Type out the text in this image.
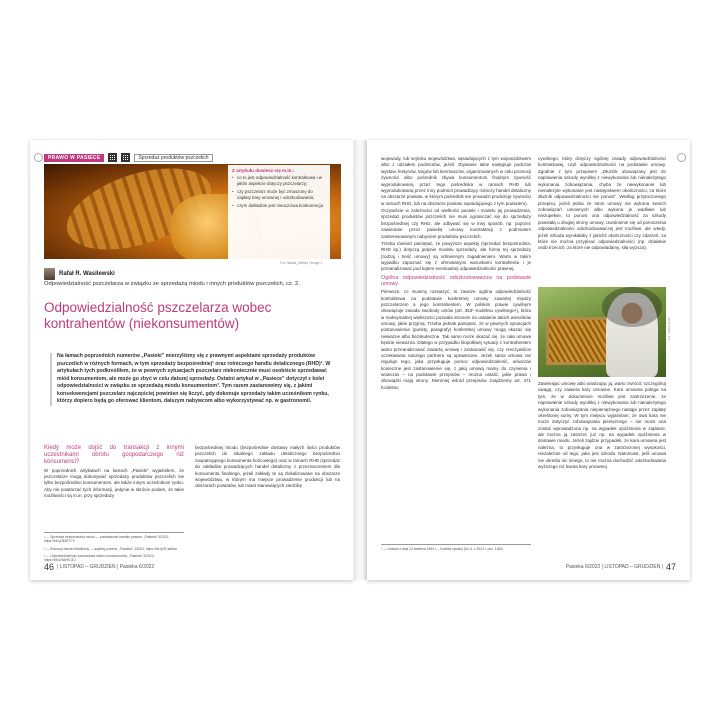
PRAWO W PASIECE	Sprzedaż produktów pszczelich
Z artykułu dowiesz się m.in.:
• co to jest odpowiedzialność kontraktowa i w jakim aspekcie dotyczy pszczelarzy;
• czy pszczelarz może być zmuszony do zapłaty kary umownej i odszkodowania;
• czym dokładnie jest nieuczciwa konkurencja.
Fot. Nataliá_Oleśko | Image 1
Rafał R. Wasilewski
Odpowiedzialność pszczelarza w związku ze sprzedażą miodu i innych produktów pszczelich, cz. 2.
Odpowiedzialność pszczelarza wobec kontrahentów (niekonsumentów)

Na łamach poprzednich numerów „Pasieki” mierzyliśmy się z prawnymi aspektami sprzedaży produktów pszczelich w różnych formach, w tym sprzedaży bezpośredniej¹ oraz rolniczego handlu detalicznego (RHD)². W artykułach tych podkreśliłem, że w pewnych sytuacjach pszczelarz niekoniecznie musi osobiście sprzedawać miód konsumentom, ale może go zbyć w celu dalszej sprzedaży. Ostatni artykuł w „Pasiece” dotyczył z kolei odpowiedzialności w związku ze sprzedażą miodu konsumentom³. Tym razem zastanowimy się, z jakimi konsekwencjami pszczelarz najczęściej powinien się liczyć, gdy dokonuje sprzedaży takim ucześnikom rynku, którzy dopiero będą go oferować klientom, dalszym nabywcom albo wykorzystywać np. w gastronomii.

Kiedy może dojść do transakcji z innymi uczestnikami obrotu gospodarczego niż konsumenci?

W poprzednich artykułach na łamach „Pasieki” wyjaśniłem, że pszczelarze mogą dokonywać sprzedaży produktów pszczelich nie tylko bezpośrednio konsumentom, ale także innym ucześnikom rynku. Aby nie powtarzać tych informacji, jedynie w skrócie podam, że takie możliwości są m.in. przy sprzedaży

bezpośredniej miodu (bezpośrednie dostawy małych ilości produktów pszczelich do lokalnego zakładu detalicznego bezpośrednio zaopatrującego konsumenta końcowego) oraz w ramach RHD (sprzedaż do zakładów prowadzących handel detaliczny z przeznaczeniem dla konsumenta finalnego, jeżeli zakłady te są zlokalizowane na obszarze województwa, w którym ma miejsce prowadzenie produkcji lub na obszarach powiatów, lub miast stanowiących siedzibę

¹ — Sprzedaż bezpośrednia miodu — podstawowe kwestie prawne, „Pasieka” 6/2021; https://bit.ly/3fAPY70
² — Rolniczy handel detaliczny — aspekty prawne, „Pasieka” 2/2021; https://bit.ly/3Caddka
³ — Odpowiedzialność pszczelarza wobec konsumentów, „Pasieka” 5/2022; https://bit.ly/3dhKCEJ
46 | LISTOPAD – GRUDZIEŃ | Pasieka 6/2022

wojewody, lub sejmiku województwa, sąsiadujących z tym województwem albo z udziałem podmiotów, jeżeli: zbywanie takie następuje podczas wystaw, festynów, targów lub kiermaszów, organizowanych w celu promocji żywności albo pośrednik zbywa konsumentom finalnym żywność wyprodukowaną przez tego pośrednika w ramach RHD lub wyprodukowaną przez inny podmiot prowadzący rolniczy handel detaliczny na obszarze powiatu, w którym pośrednik ten prowadzi produkcję żywności w ramach RHD, lub na obszarze powiatu sąsiadującego z tym powiatem).

Oczywiście w zależności od wielkości pasieki i modelu jej prowadzenia, sprzedaż produktów pszczelich nie musi ograniczać się do sprzedaży bezpośredniej czy RHD, ale odbywać się w inny sposób, np. poprzez zawieranie przez pasiekę umowy kontraktacji z podmiotem zainteresowanym nabyciem produktów pszczelich.

Trzeba również pamiętać, że powyższe aspekty (sprzedaż bezpośrednia, RHD itp.) dotyczą jedynie modelu sprzedaży, ale formę tej sprzedaży (rodzaj i treść umowy) są odmiennym zagadnieniem. Warto w takim wypadku zapoznać się z oferowanymi warunkami kontrahenta i je przeanalizować pod kątem eventualnej odpowiedzialności prawnej.

Ogólna odpowiedzialność odszkodowawcza na podstawie umowy

Pierwsze, co musimy rozważyć, to zawsze ogólna odpowiedzialność kontraktowa na podstawie konkretnej umowy zawartej między pszczelarzem a jego kontrahentem. W polskim prawie cywilnym obowiązuje zasada swobody umów (art. 353¹ Kodeksu cywilnego⁴), która w maksymalnej większości pozwala stronom na ustalanie takich warunków umowy, jakie przyjmą. Trzeba jednak pamiętać, że w pewnych sytuacjach postanowienia (punkty, paragrafy) konkretnej umowy mogą okazać się nieważne albo bezskuteczne. Tak samo może okazać się, że cała umowa będzie nieważna. Dlatego w przypadku kłopotliwej sytuacji z kontrahentem warto przeanalizować zawartą umowę i zastanowić się, czy rzeczywiście oczekiwania naszego partnera są uprawnione. Jeżeli sama umowa nie reguluje tego, jaka przysługuje pomoc odpowiedzialność, wówczas konieczne jest zastanowienie się, z jaką umową mamy do czynienia i wówczas – na podstawie przepisów – można ustalić, jakie prawa i obowiązki mają strony. Niemniej wśród przepisów znajdziemy art. 471 Kodeksu

cywilnego, który dotyczy ogólnej zasady odpowiedzialności kontraktowej, czyli odpowiedzialności na podstawie umowy. Zgodnie z tym przepisem „Dłużnik obowiązany jest do naprawienia szkody wynikłej z niewykonania lub nienależytego wykonania zobowiązania, chyba że niewykonanie lub nienależyte wykonanie jest następstwem okoliczności, za które dłużnik odpowiedzialności nie ponosi”. Według przytoczonego przepisu, jeżeli jedna ze stron umowy nie wykona swoich zobowiązań umownych albo wykona je wadliwie lub niezupełnie, to ponosi ona odpowiedzialność za szkody powstałą u drugiej strony umowy. Uwolnienie się od ponoszenia odpowiedzialności odszkodowawczej jest możliwe, ale wtedy, jeżeli szkoda wynikałaby z jakichś okoliczności czy zdarzeń, za które nie można przypisać odpowiedzialności (np. działanie osób trzecich, za które nie odpowiadamy, siła wyższa).

Fot. Adobe Stock

Zawierając umowę albo analizując ją, warto zwrócić szczególną uwagę, czy zawiera kary umowne. Kara umowna polega na tym, że w dokumencie możliwe jest zastrzeżenie, że naprawienie szkody wynikłej z niewykonania lub nienależytego wykonania zobowiązania niepieniężnego nastąpi przez zapłatę określonej sumy. W tym miejscu wyjaśniam, że owa kara nie może dotyczyć zobowiązania pieniężnego – nie może ona zostać wprowadzona np. na wypadek opóźnienia w zapłacie, ale można ją zastrzec już np. na wypadek opóźnienia w dostawie miodu. Jeżeli zajdzie przypadek, że kara umowna jest należna, to przysługuje ona w zastrzeżonej wysokości, niezależnie od tego, jaka jest szkoda. Natomiast, jeśli umowa nie określa nic innego, to nie można dochodzić odszkodowania wyższego niż kwota kary umownej.

⁴ — Ustawa z dnia 23 kwietnia 1964 r. – Kodeks cywilny (Dz.U. z 2022 r. poz. 1360).
Pasieka 6/2022 | LISTOPAD – GRUDZIEŃ | 47
